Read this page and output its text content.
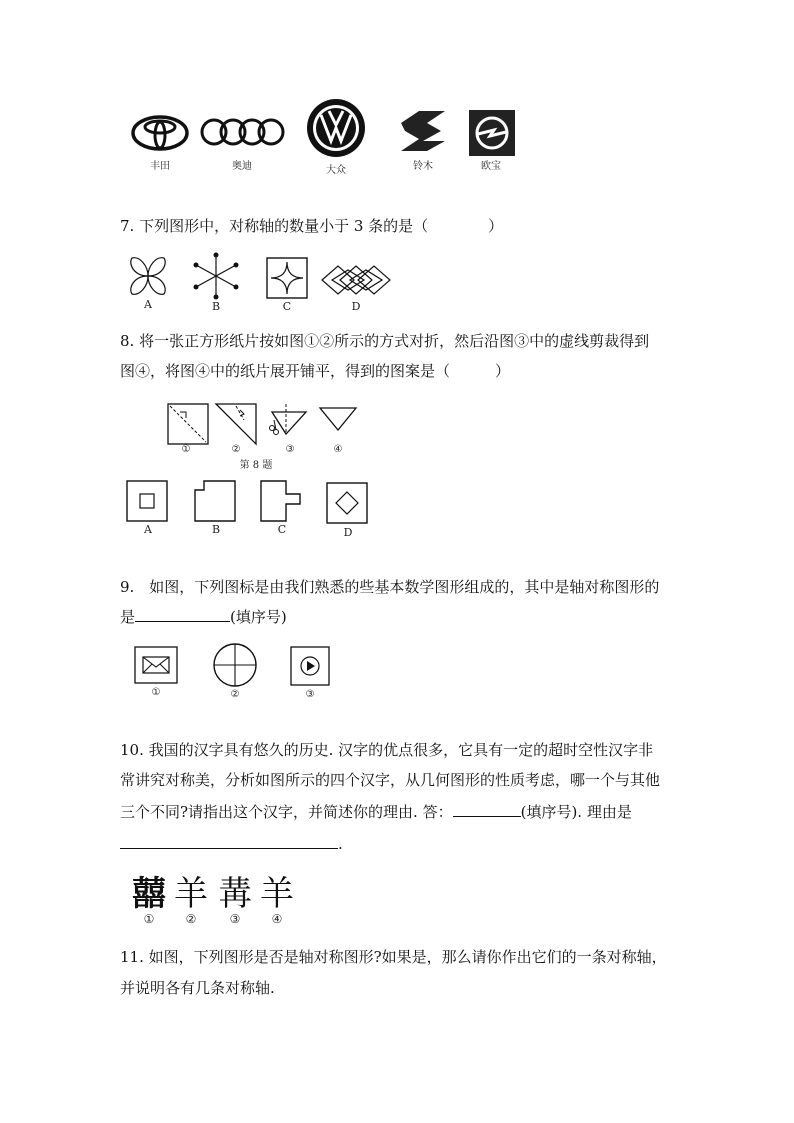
丰田	奥迪	大众	铃木	欧宝
7. 下列图形中，对称轴的数量小于 3 条的是（　　　　）
A	B	C	D
8. 将一张正方形纸片按如图①②所示的方式对折，然后沿图③中的虚线剪裁得到
图④，将图④中的纸片展开铺平，得到的图案是（　　　）
①	②	③
第 8 题
④
A	B	C	D
9.　如图，下列图标是由我们熟悉的些基本数学图形组成的，其中是轴对称图形的
是	(填序号)
①	②	③
10. 我国的汉字具有悠久的历史. 汉字的优点很多，它具有一定的超时空性汉字非
常讲究对称美，分析如图所示的四个汉字，从几何图形的性质考虑，哪一个与其他
三个不同?请指出这个汉字，并简述你的理由. 答：	(填序号). 理由是
.
囍 羊 冓 羊
①	②	③	④
11. 如图，下列图形是否是轴对称图形?如果是，那么请你作出它们的一条对称轴，
并说明各有几条对称轴.
